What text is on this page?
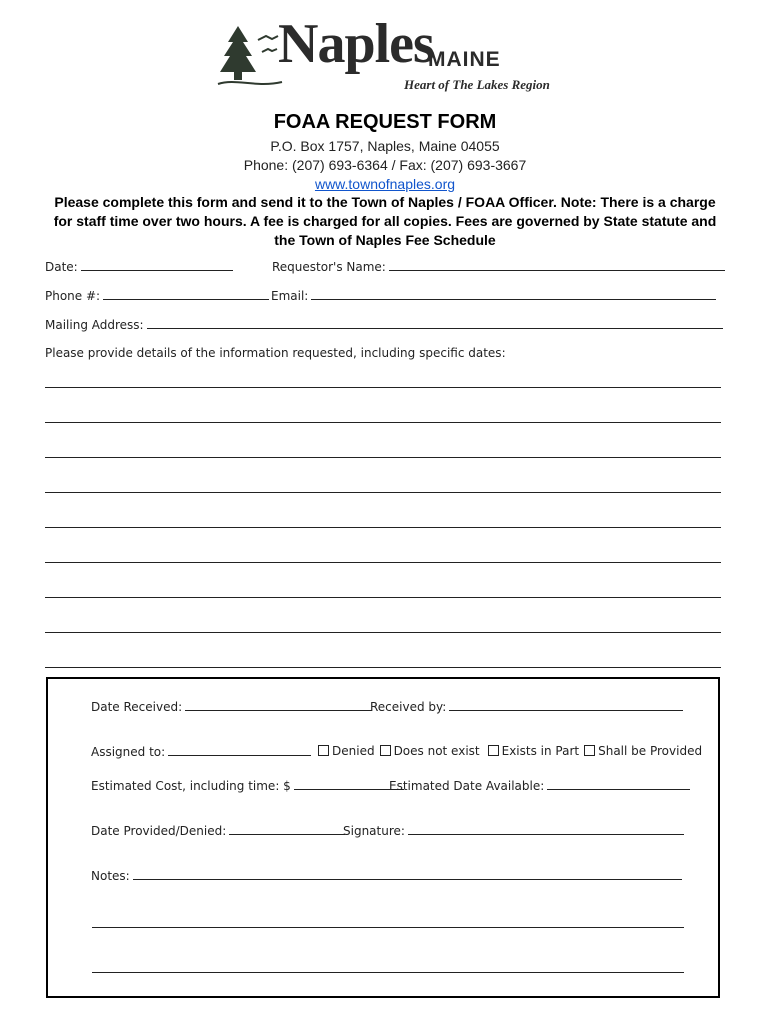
Naples
MAINE
Heart of The Lakes Region
FOAA REQUEST FORM
P.O. Box 1757, Naples, Maine 04055
Phone: (207) 693-6364 / Fax: (207) 693-3667
www.townofnaples.org
Please complete this form and send it to the Town of Naples / FOAA Officer. Note: There is a charge for staff time over two hours. A fee is charged for all copies. Fees are governed by State statute and the Town of Naples Fee Schedule
Date:	Requestor's Name:
Phone #:	Email:
Mailing Address:
Please provide details of the information requested, including specific dates:
Date Received:	Received by:
Assigned to:	Denied Does not exist Exists in Part Shall be Provided
Estimated Cost, including time: $	Estimated Date Available:
Date Provided/Denied:	Signature:
Notes:
